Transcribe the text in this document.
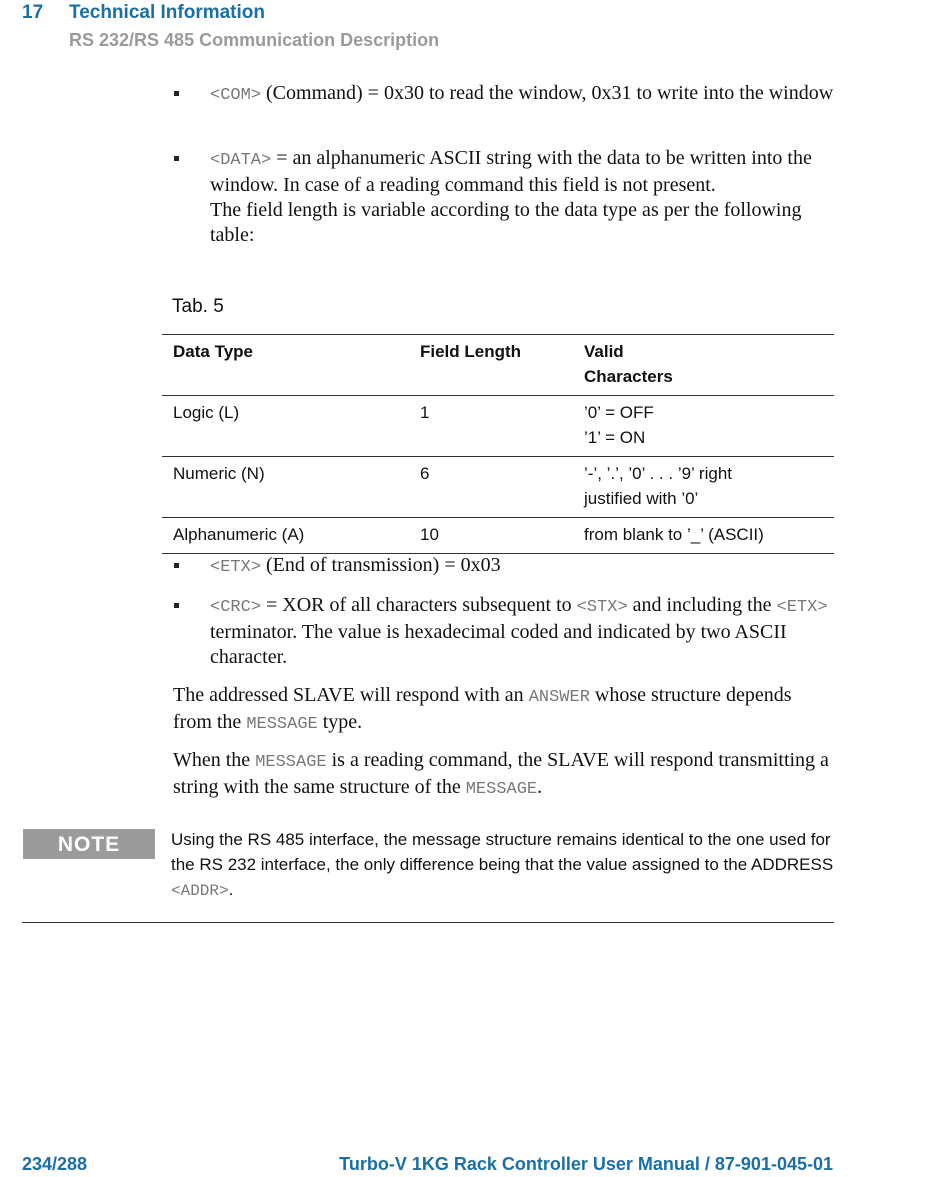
17 Technical Information
RS 232/RS 485 Communication Description
<COM> (Command) = 0x30 to read the window, 0x31 to write into the window
<DATA> = an alphanumeric ASCII string with the data to be written into the window. In case of a reading command this field is not present.
The field length is variable according to the data type as per the following table:
Tab. 5
Data Type	Field Length	Valid
Characters
Logic (L)	1	’0’ = OFF
’1’ = ON
Numeric (N)	6	’-’, ’.’, ’0’ . . . ’9’ right
justified with ’0’
Alphanumeric (A)	10	from blank to ’_’ (ASCII)
<ETX> (End of transmission) = 0x03
<CRC> = XOR of all characters subsequent to <STX> and including the <ETX> terminator. The value is hexadecimal coded and indicated by two ASCII character.
The addressed SLAVE will respond with an ANSWER whose structure depends from the MESSAGE type.
When the MESSAGE is a reading command, the SLAVE will respond transmitting a string with the same structure of the MESSAGE.
NOTE	Using the RS 485 interface, the message structure remains identical to the one used for the RS 232 interface, the only difference being that the value assigned to the ADDRESS <ADDR>.
234/288	Turbo-V 1KG Rack Controller User Manual / 87-901-045-01
